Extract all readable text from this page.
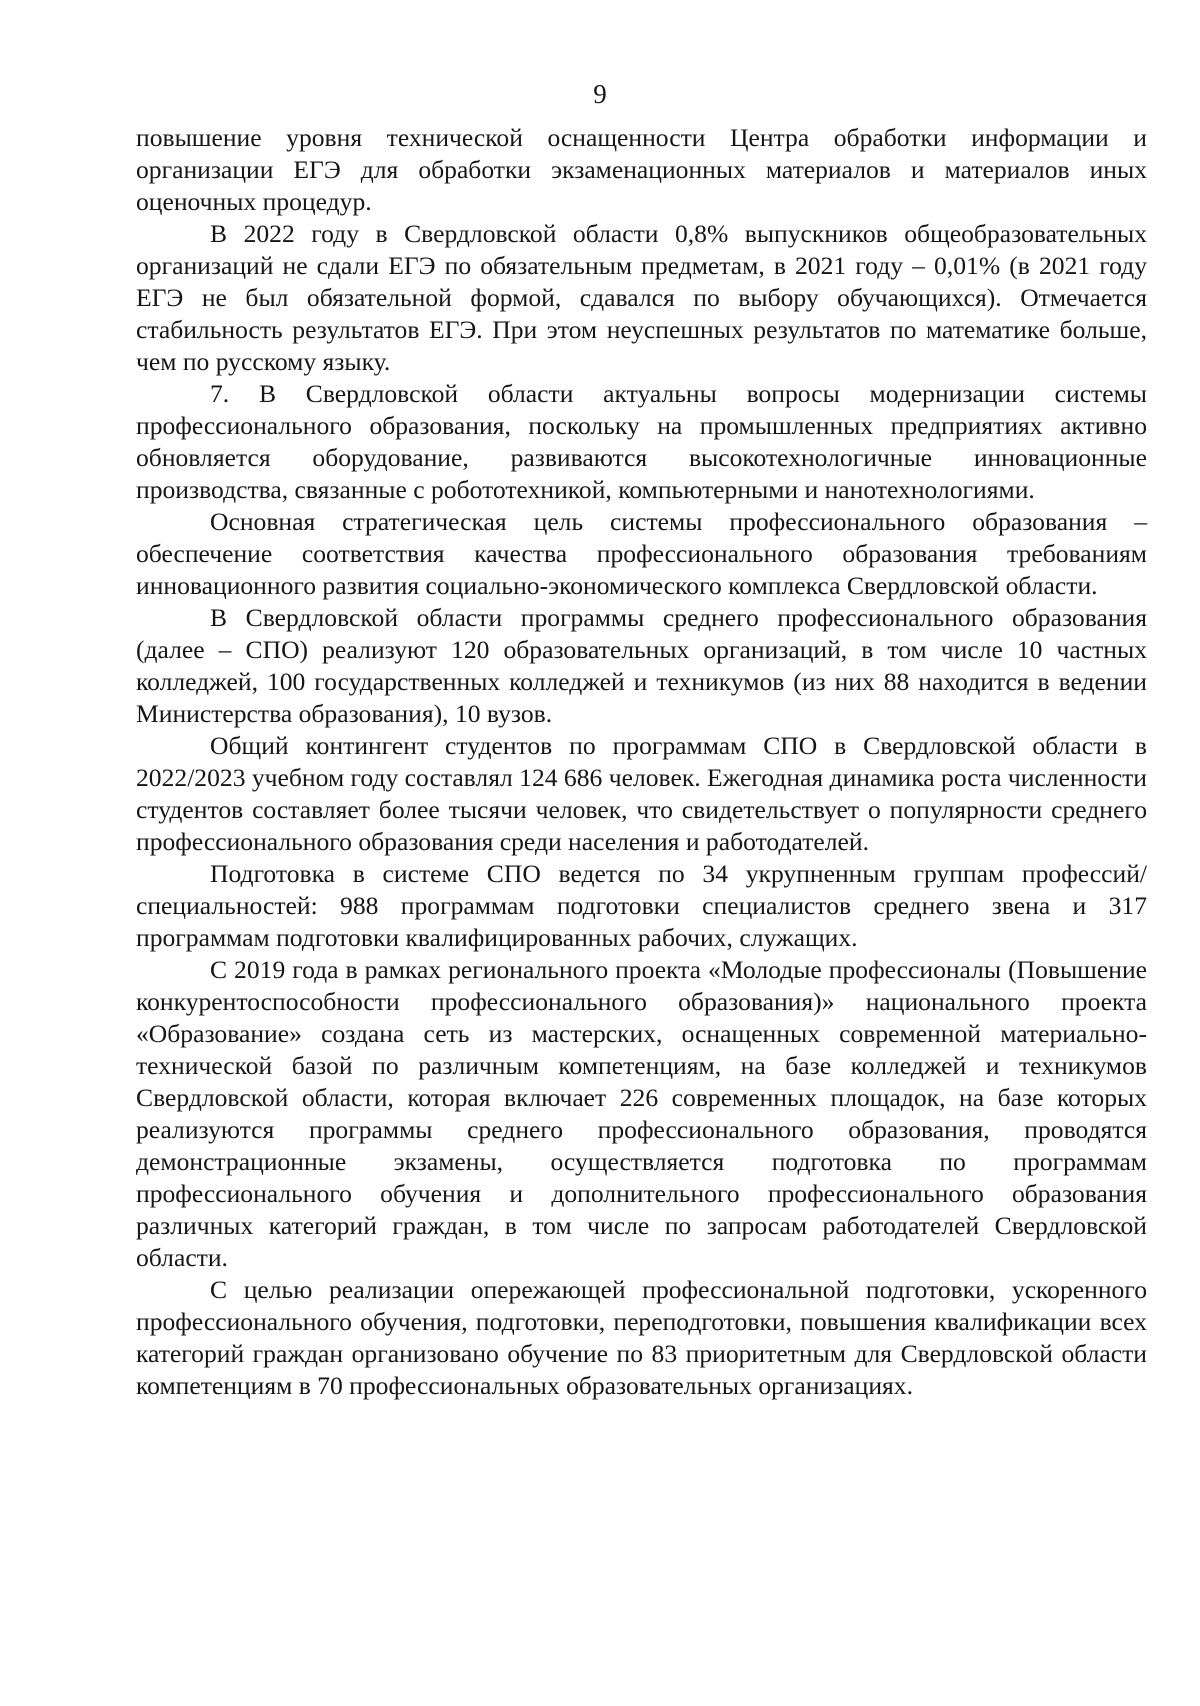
9

повышение уровня технической оснащенности Центра обработки информации и организации ЕГЭ для обработки экзаменационных материалов и материалов иных оценочных процедур.

В 2022 году в Свердловской области 0,8% выпускников общеобразовательных организаций не сдали ЕГЭ по обязательным предметам, в 2021 году – 0,01% (в 2021 году ЕГЭ не был обязательной формой, сдавался по выбору обучающихся). Отмечается стабильность результатов ЕГЭ. При этом неуспешных результатов по математике больше, чем по русскому языку.

7. В Свердловской области актуальны вопросы модернизации системы профессионального образования, поскольку на промышленных предприятиях активно обновляется оборудование, развиваются высокотехнологичные инновационные производства, связанные с робототехникой, компьютерными и нанотехнологиями.

Основная стратегическая цель системы профессионального образования – обеспечение соответствия качества профессионального образования требованиям инновационного развития социально-экономического комплекса Свердловской области.

В Свердловской области программы среднего профессионального образования (далее – СПО) реализуют 120 образовательных организаций, в том числе 10 частных колледжей, 100 государственных колледжей и техникумов (из них 88 находится в ведении Министерства образования), 10 вузов.

Общий контингент студентов по программам СПО в Свердловской области в 2022/2023 учебном году составлял 124 686 человек. Ежегодная динамика роста численности студентов составляет более тысячи человек, что свидетельствует о популярности среднего профессионального образования среди населения и работодателей.

Подготовка в системе СПО ведется по 34 укрупненным группам профессий/специальностей: 988 программам подготовки специалистов среднего звена и 317 программам подготовки квалифицированных рабочих, служащих.

С 2019 года в рамках регионального проекта «Молодые профессионалы (Повышение конкурентоспособности профессионального образования)» национального проекта «Образование» создана сеть из мастерских, оснащенных современной материально-технической базой по различным компетенциям, на базе колледжей и техникумов Свердловской области, которая включает 226 современных площадок, на базе которых реализуются программы среднего профессионального образования, проводятся демонстрационные экзамены, осуществляется подготовка по программам профессионального обучения и дополнительного профессионального образования различных категорий граждан, в том числе по запросам работодателей Свердловской области.

С целью реализации опережающей профессиональной подготовки, ускоренного профессионального обучения, подготовки, переподготовки, повышения квалификации всех категорий граждан организовано обучение по 83 приоритетным для Свердловской области компетенциям в 70 профессиональных образовательных организациях.
